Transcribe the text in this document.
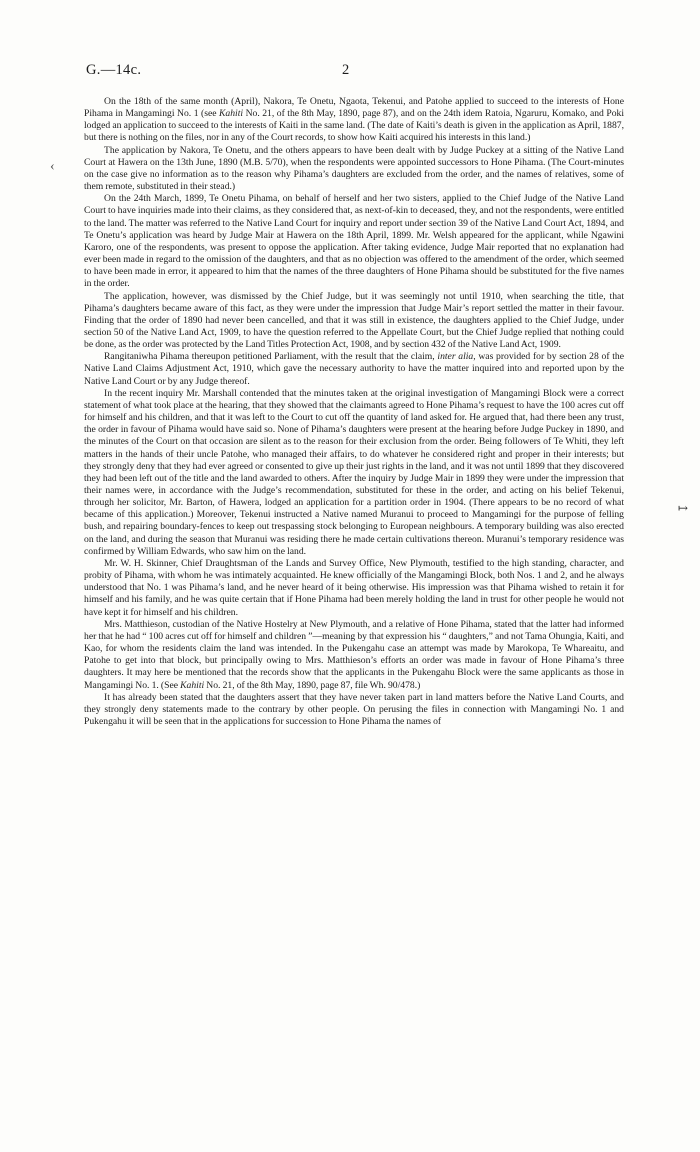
G.—14c.	2
‹
↦

On the 18th of the same month (April), Nakora, Te Onetu, Ngaota, Tekenui, and Patohe applied to succeed to the interests of Hone Pihama in Mangamingi No. 1 (see Kahiti No. 21, of the 8th May, 1890, page 87), and on the 24th idem Ratoia, Ngaruru, Komako, and Poki lodged an application to succeed to the interests of Kaiti in the same land. (The date of Kaiti’s death is given in the application as April, 1887, but there is nothing on the files, nor in any of the Court records, to show how Kaiti acquired his interests in this land.)

The application by Nakora, Te Onetu, and the others appears to have been dealt with by Judge Puckey at a sitting of the Native Land Court at Hawera on the 13th June, 1890 (M.B. 5/70), when the respondents were appointed successors to Hone Pihama. (The Court-minutes on the case give no information as to the reason why Pihama’s daughters are excluded from the order, and the names of relatives, some of them remote, substituted in their stead.)

On the 24th March, 1899, Te Onetu Pihama, on behalf of herself and her two sisters, applied to the Chief Judge of the Native Land Court to have inquiries made into their claims, as they considered that, as next-of-kin to deceased, they, and not the respondents, were entitled to the land. The matter was referred to the Native Land Court for inquiry and report under section 39 of the Native Land Court Act, 1894, and Te Onetu’s application was heard by Judge Mair at Hawera on the 18th April, 1899. Mr. Welsh appeared for the applicant, while Ngawini Karoro, one of the respondents, was present to oppose the application. After taking evidence, Judge Mair reported that no explanation had ever been made in regard to the omission of the daughters, and that as no objection was offered to the amendment of the order, which seemed to have been made in error, it appeared to him that the names of the three daughters of Hone Pihama should be substituted for the five names in the order.

The application, however, was dismissed by the Chief Judge, but it was seemingly not until 1910, when searching the title, that Pihama’s daughters became aware of this fact, as they were under the impression that Judge Mair’s report settled the matter in their favour. Finding that the order of 1890 had never been cancelled, and that it was still in existence, the daughters applied to the Chief Judge, under section 50 of the Native Land Act, 1909, to have the question referred to the Appellate Court, but the Chief Judge replied that nothing could be done, as the order was protected by the Land Titles Protection Act, 1908, and by section 432 of the Native Land Act, 1909.

Rangitaniwha Pihama thereupon petitioned Parliament, with the result that the claim, inter alia, was provided for by section 28 of the Native Land Claims Adjustment Act, 1910, which gave the necessary authority to have the matter inquired into and reported upon by the Native Land Court or by any Judge thereof.

In the recent inquiry Mr. Marshall contended that the minutes taken at the original investigation of Mangamingi Block were a correct statement of what took place at the hearing, that they showed that the claimants agreed to Hone Pihama’s request to have the 100 acres cut off for himself and his children, and that it was left to the Court to cut off the quantity of land asked for. He argued that, had there been any trust, the order in favour of Pihama would have said so. None of Pihama’s daughters were present at the hearing before Judge Puckey in 1890, and the minutes of the Court on that occasion are silent as to the reason for their exclusion from the order. Being followers of Te Whiti, they left matters in the hands of their uncle Patohe, who managed their affairs, to do whatever he considered right and proper in their interests; but they strongly deny that they had ever agreed or consented to give up their just rights in the land, and it was not until 1899 that they discovered they had been left out of the title and the land awarded to others. After the inquiry by Judge Mair in 1899 they were under the impression that their names were, in accordance with the Judge’s recommendation, substituted for these in the order, and acting on his belief Tekenui, through her solicitor, Mr. Barton, of Hawera, lodged an application for a partition order in 1904. (There appears to be no record of what became of this application.) Moreover, Tekenui instructed a Native named Muranui to proceed to Mangamingi for the purpose of felling bush, and repairing boundary-fences to keep out trespassing stock belonging to European neighbours. A temporary building was also erected on the land, and during the season that Muranui was residing there he made certain cultivations thereon. Muranui’s temporary residence was confirmed by William Edwards, who saw him on the land.

Mr. W. H. Skinner, Chief Draughtsman of the Lands and Survey Office, New Plymouth, testified to the high standing, character, and probity of Pihama, with whom he was intimately acquainted. He knew officially of the Mangamingi Block, both Nos. 1 and 2, and he always understood that No. 1 was Pihama’s land, and he never heard of it being otherwise. His impression was that Pihama wished to retain it for himself and his family, and he was quite certain that if Hone Pihama had been merely holding the land in trust for other people he would not have kept it for himself and his children.

Mrs. Matthieson, custodian of the Native Hostelry at New Plymouth, and a relative of Hone Pihama, stated that the latter had informed her that he had “ 100 acres cut off for himself and children ”—meaning by that expression his “ daughters,” and not Tama Ohungia, Kaiti, and Kao, for whom the residents claim the land was intended. In the Pukengahu case an attempt was made by Marokopa, Te Whareaitu, and Patohe to get into that block, but principally owing to Mrs. Matthieson’s efforts an order was made in favour of Hone Pihama’s three daughters. It may here be mentioned that the records show that the applicants in the Pukengahu Block were the same applicants as those in Mangamingi No. 1. (See Kahiti No. 21, of the 8th May, 1890, page 87, file Wh. 90/478.)

It has already been stated that the daughters assert that they have never taken part in land matters before the Native Land Courts, and they strongly deny statements made to the contrary by other people. On perusing the files in connection with Mangamingi No. 1 and Pukengahu it will be seen that in the applications for succession to Hone Pihama the names of
